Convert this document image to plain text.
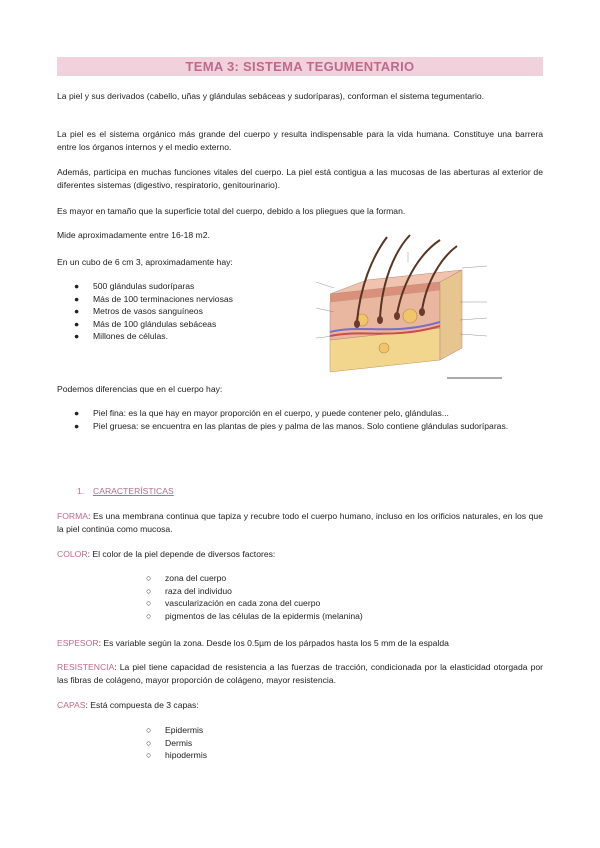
TEMA 3: SISTEMA TEGUMENTARIO
La piel y sus derivados (cabello, uñas y glándulas sebáceas y sudoríparas), conforman el sistema tegumentario.
La piel es el sistema orgánico más grande del cuerpo y resulta indispensable para la vida humana. Constituye una barrera entre los órganos internos y el medio externo.
Además, participa en muchas funciones vitales del cuerpo. La piel está contigua a las mucosas de las aberturas al exterior de diferentes sistemas (digestivo, respiratorio, genitourinario).
Es mayor en tamaño que la superficie total del cuerpo, debido a los pliegues que la forman.
Mide aproximadamente entre 16-18 m2.
En un cubo de 6 cm 3, aproximadamente hay:
● 500 glándulas sudoríparas
● Más de 100 terminaciones nerviosas
● Metros de vasos sanguíneos
● Más de 100 glándulas sebáceas
● Millones de células.
Podemos diferencias que en el cuerpo hay:
● Piel fina: es la que hay en mayor proporción en el cuerpo, y puede contener pelo, glándulas...
● Piel gruesa: se encuentra en las plantas de pies y palma de las manos. Solo contiene glándulas sudoríparas.
1. CARACTERÍSTICAS
FORMA: Es una membrana continua que tapiza y recubre todo el cuerpo humano, incluso en los orificios naturales, en los que la piel continúa como mucosa.
COLOR: El color de la piel depende de diversos factores:
○ zona del cuerpo
○ raza del individuo
○ vascularización en cada zona del cuerpo
○ pigmentos de las células de la epidermis (melanina)
ESPESOR: Es variable según la zona. Desde los 0.5µm de los párpados hasta los 5 mm de la espalda
RESISTENCIA: La piel tiene capacidad de resistencia a las fuerzas de tracción, condicionada por la elasticidad otorgada por las fibras de colágeno, mayor proporción de colágeno, mayor resistencia.
CAPAS: Está compuesta de 3 capas:
○ Epidermis
○ Dermis
○ hipodermis
